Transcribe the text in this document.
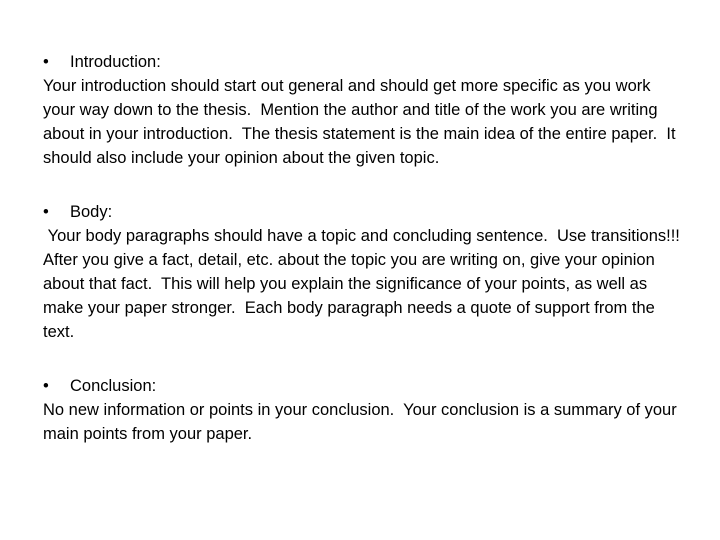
• Introduction:

Your introduction should start out general and should get more specific as you work your way down to the thesis.  Mention the author and title of the work you are writing about in your introduction.  The thesis statement is the main idea of the entire paper.  It should also include your opinion about the given topic.

• Body:

Your body paragraphs should have a topic and concluding sentence.  Use transitions!!!  After you give a fact, detail, etc. about the topic you are writing on, give your opinion about that fact.  This will help you explain the significance of your points, as well as make your paper stronger.  Each body paragraph needs a quote of support from the text.

• Conclusion:

No new information or points in your conclusion.  Your conclusion is a summary of your main points from your paper.
